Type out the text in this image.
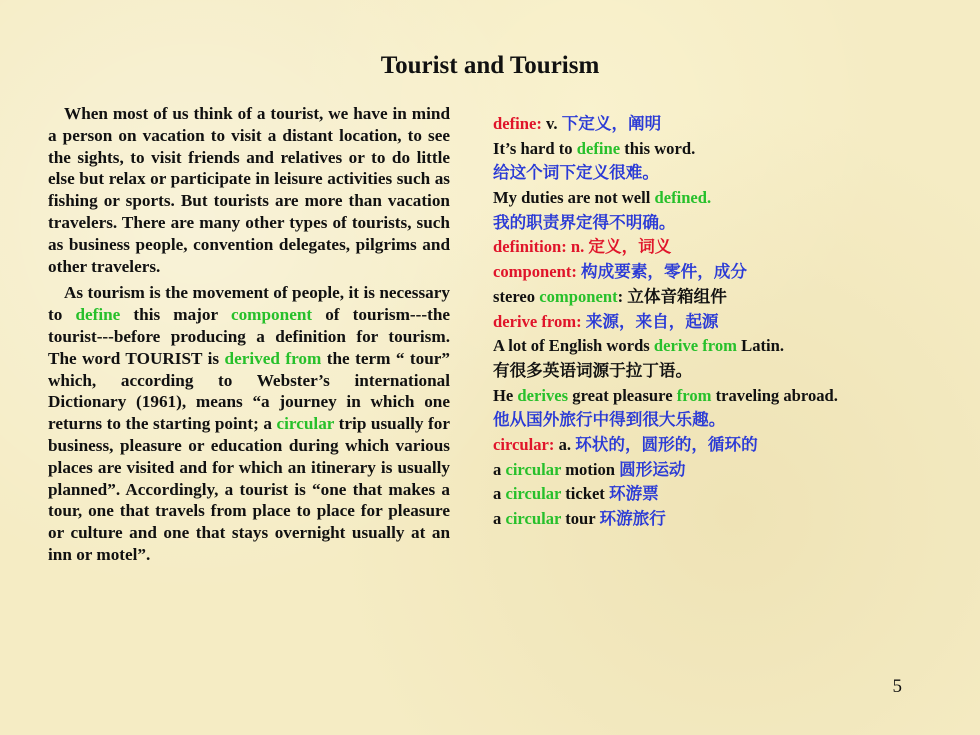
Tourist and Tourism

When most of us think of a tourist, we have in mind a person on vacation to visit a distant location, to see the sights, to visit friends and relatives or to do little else but relax or participate in leisure activities such as fishing or sports. But tourists are more than vacation travelers. There are many other types of tourists, such as business people, convention delegates, pilgrims and other travelers.

As tourism is the movement of people, it is necessary to define this major component of tourism---the tourist---before producing a definition for tourism. The word TOURIST is derived from the term “ tour” which, according to Webster’s international Dictionary (1961), means “a journey in which one returns to the starting point; a circular trip usually for business, pleasure or education during which various places are visited and for which an itinerary is usually planned”. Accordingly, a tourist is “one that makes a tour, one that travels from place to place for pleasure or culture and one that stays overnight usually at an inn or motel”.

define: v. 下定义，阐明
It’s hard to define this word.
给这个词下定义很难。
My duties are not well defined.
我的职责界定得不明确。
definition: n. 定义，词义
component: 构成要素，零件，成分
stereo component: 立体音箱组件
derive from: 来源，来自，起源
A lot of English words derive from Latin.
有很多英语词源于拉丁语。
He derives great pleasure from traveling abroad.
他从国外旅行中得到很大乐趣。
circular: a. 环状的，圆形的，循环的
a circular motion 圆形运动
a circular ticket 环游票
a circular tour 环游旅行
5
